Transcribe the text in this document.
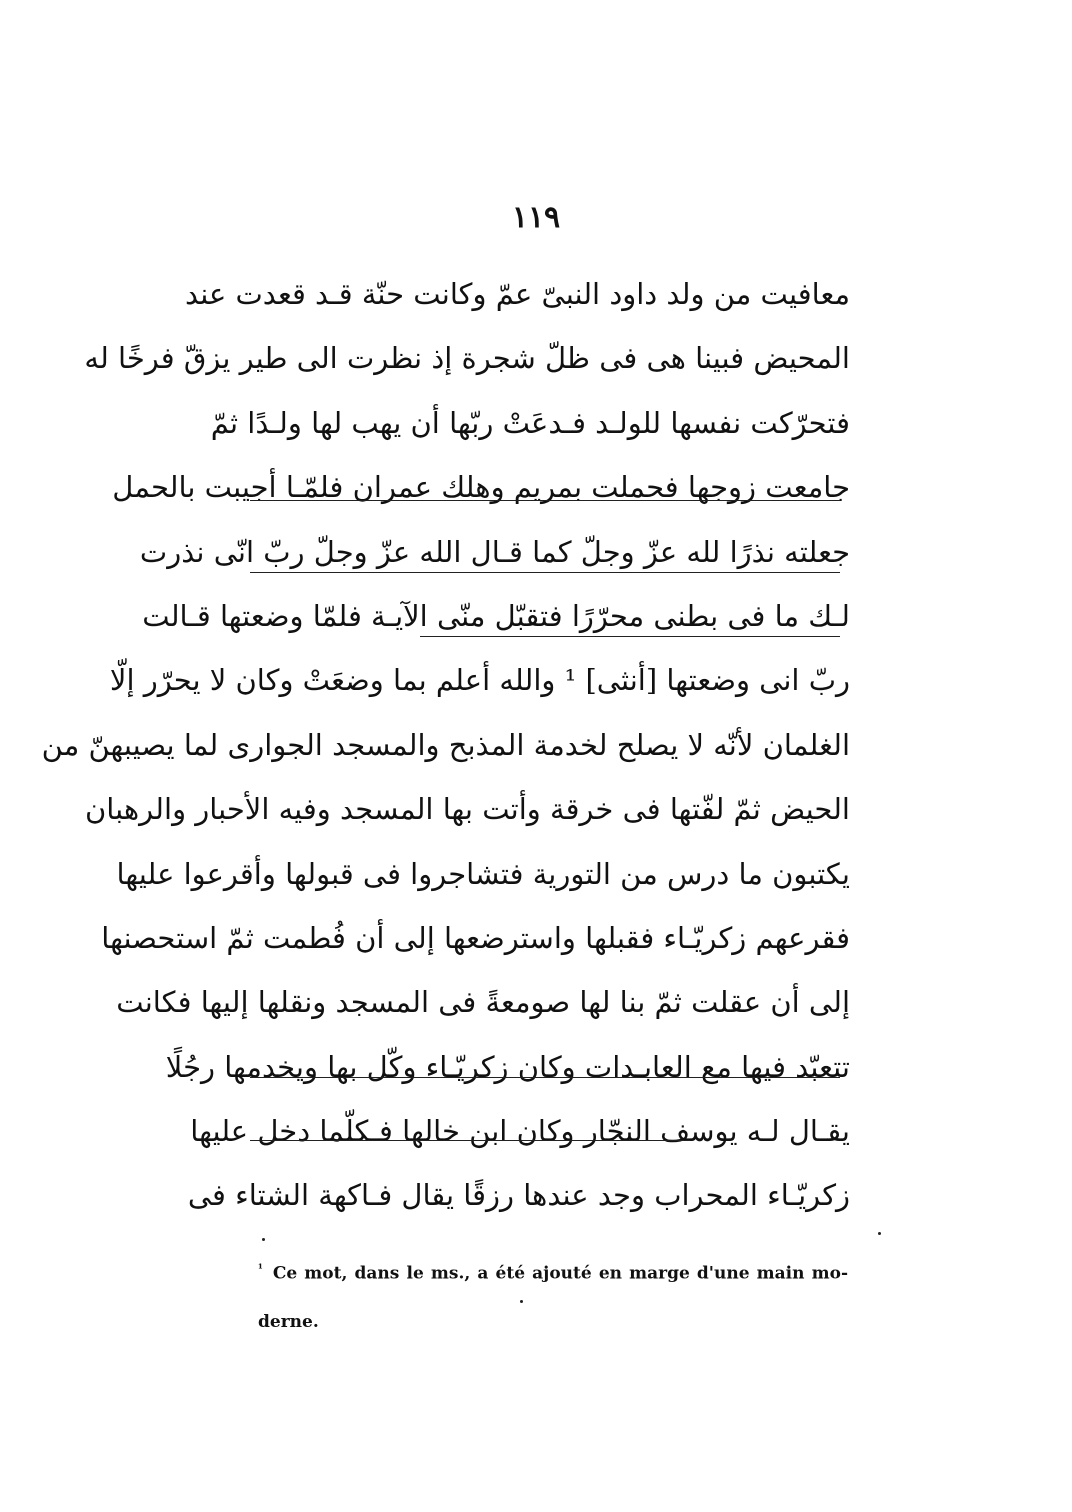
١١٩
معافيت من ولد داود النبىّ عمّ وكانت حنّة قـد قعدت عند
المحيض فبينا هى فى ظلّ شجرة إذ نظرت الى طير يزقّ فرخًا له
فتحرّكت نفسها للولـد فـدعَتْ ربّها أن يهب لها ولـدًا ثمّ
جامعت زوجها فحملت بمريم وهلك عمران فلمّـا أجيبت بالحمل
جعلته نذرًا لله عزّ وجلّ كما قـال الله عزّ وجلّ ربّ انّى نذرت
لـك ما فى بطنى محرّرًا فتقبّل منّى الآيـة فلمّا وضعتها قـالت
ربّ انى وضعتها [أنثى] ¹ والله أعلم بما وضعَتْ وكان لا يحرّر إلّا
الغلمان لأنّه لا يصلح لخدمة المذبح والمسجد الجوارى لما يصيبهنّ من
الحيض ثمّ لفّتها فى خرقة وأتت بها المسجد وفيه الأحبار والرهبان
يكتبون ما درس من التورية فتشاجروا فى قبولها وأقرعوا عليها
فقرعهم زكريّـاء فقبلها واسترضعها إلى أن فُطمت ثمّ استحصنها
إلى أن عقلت ثمّ بنا لها صومعةً فى المسجد ونقلها إليها فكانت
تتعبّد فيها مع العابـدات وكان زكريّـاء وكّل بها ويخدمها رجُلًا
يقـال لـه يوسف النجّار وكان ابن خالها فـكلّما دخل عليها
زكريّـاء المحراب وجد عندها رزقًا يقال فـاكهة الشتاء فى
$^{^1}$ Ce mot, dans le ms., a été ajouté en marge d'une main mo-
derne.
